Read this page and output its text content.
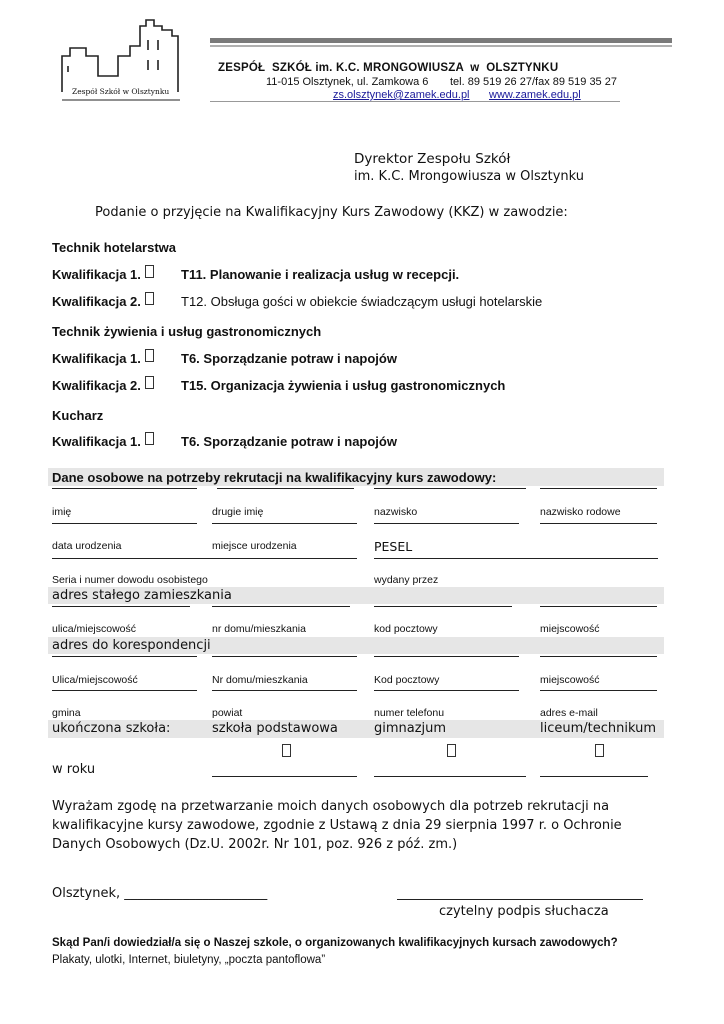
Zespół Szkół w Olsztynku
ZESPÓŁ  SZKÓŁ im. K.C. MRONGOWIUSZA  w  OLSZTYNKU
11-015 Olsztynek, ul. Zamkowa 6 tel. 89 519 26 27/fax 89 519 35 27
zs.olsztynek@zamek.edu.pl www.zamek.edu.pl
Dyrektor Zespołu Szkół
im. K.C. Mrongowiusza w Olsztynku
Podanie o przyjęcie na Kwalifikacyjny Kurs Zawodowy (KKZ) w zawodzie:
Technik hotelarstwa
Kwalifikacja 1.	T11. Planowanie i realizacja usług w recepcji.
Kwalifikacja 2.	T12. Obsługa gości w obiekcie świadczącym usługi hotelarskie
Technik żywienia i usług gastronomicznych
Kwalifikacja 1.	T6. Sporządzanie potraw i napojów
Kwalifikacja 2.	T15. Organizacja żywienia i usług gastronomicznych
Kucharz
Kwalifikacja 1.	T6. Sporządzanie potraw i napojów
Dane osobowe na potrzeby rekrutacji na kwalifikacyjny kurs zawodowy:
imię	drugie imię	nazwisko	nazwisko rodowe
data urodzenia	miejsce urodzenia	PESEL
Seria i numer dowodu osobistego	wydany przez
adres stałego zamieszkania
ulica/miejscowość	nr domu/mieszkania	kod pocztowy	miejscowość
adres do korespondencji
Ulica/miejscowość	Nr domu/mieszkania	Kod pocztowy	miejscowość
gmina	powiat	numer telefonu	adres e-mail
ukończona szkoła:	szkoła podstawowa	gimnazjum	liceum/technikum
w roku
Wyrażam zgodę na przetwarzanie moich danych osobowych dla potrzeb rekrutacji na kwalifikacyjne kursy zawodowe, zgodnie z Ustawą z dnia 29 sierpnia 1997 r. o Ochronie Danych Osobowych (Dz.U. 2002r. Nr 101, poz. 926 z póź. zm.)
Olsztynek, ______________________
czytelny podpis słuchacza
Skąd Pan/i dowiedział/a się o Naszej szkole, o organizowanych kwalifikacyjnych kursach zawodowych?
Plakaty, ulotki, Internet, biuletyny, „poczta pantoflowa”
